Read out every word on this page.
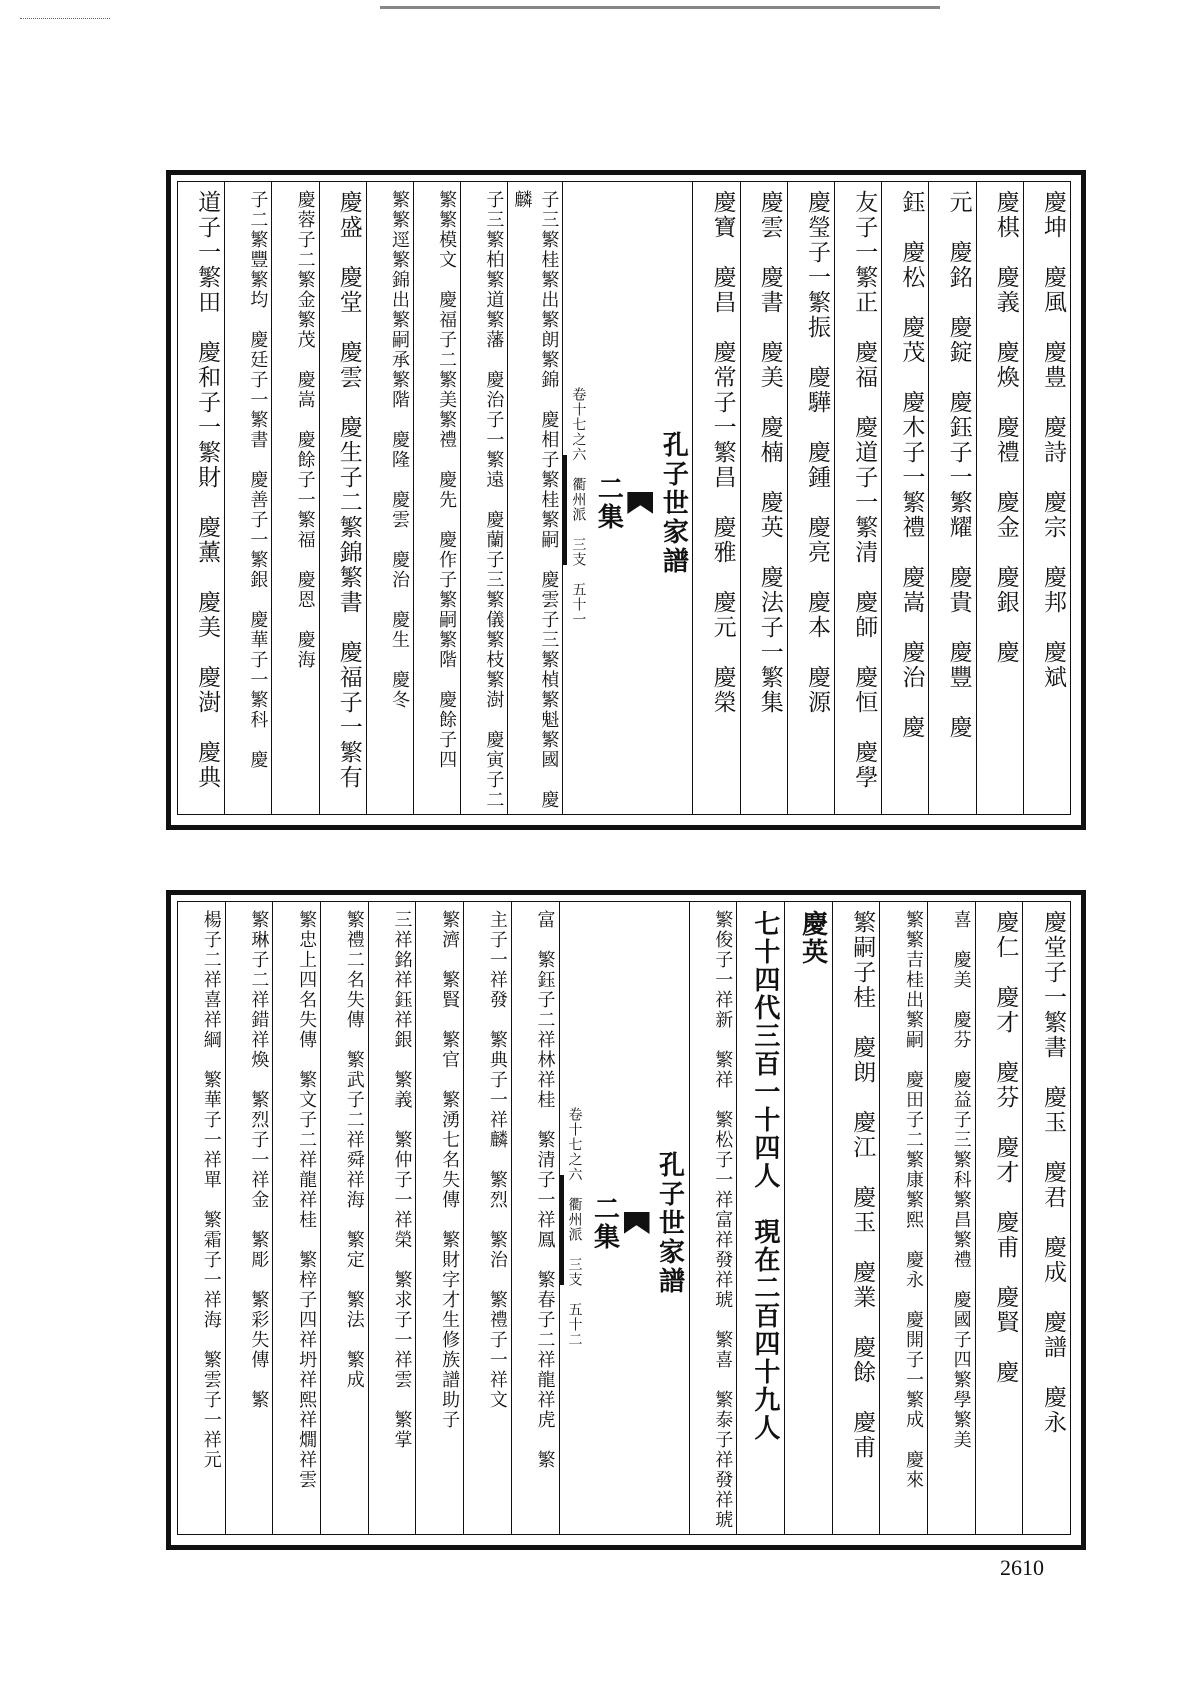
慶坤　慶風　慶豊　慶詩　慶宗　慶邦　慶斌
慶棋　慶義　慶煥　慶禮　慶金　慶銀　慶
元　慶銘　慶錠　慶鈺子一繁耀　慶貴　慶豐　慶
鈺　慶松　慶茂　慶木子一繁禮　慶嵩　慶治　慶
友子一繁正　慶福　慶道子一繁清　慶師　慶恒　慶學
慶瑩子一繁振　慶驊　慶鍾　慶亮　慶本　慶源
慶雲　慶書　慶美　慶楠　慶英　慶法子一繁集
慶寶　慶昌　慶常子一繁昌　慶雅　慶元　慶榮
孔子世家譜
二集
卷十七之六　衢州派　三支　五十一
子三繁桂繁出繁朗繁錦　慶相子繁桂繁嗣　慶雲子三繁楨繁魁繁國　慶麟
子三繁柏繁道繁藩　慶治子一繁遠　慶蘭子三繁儀繁枝繁澍　慶寅子二
繁繁模文　慶福子二繁美繁禮　慶先　慶作子繁嗣繁階　慶餘子四
繁繁逕繁錦出繁嗣承繁階　慶隆　慶雲　慶治　慶生　慶冬
慶盛　慶堂　慶雲　慶生子二繁錦繁書　慶福子一繁有
慶蓉子二繁金繁茂　慶嵩　慶餘子一繁福　慶恩　慶海
子二繁豐繁均　慶廷子一繁書　慶善子一繁銀　慶華子一繁科　慶
道子一繁田　慶和子一繁財　慶薰　慶美　慶澍　慶典
慶堂子一繁書　慶玉　慶君　慶成　慶譜　慶永
慶仁　慶才　慶芬　慶才　慶甫　慶賢　慶
喜　慶美　慶芬　慶益子三繁科繁昌繁禮　慶國子四繁學繁美
繁繁吉桂出繁嗣　慶田子二繁康繁熙　慶永　慶開子一繁成　慶來
繁嗣子桂　慶朗　慶江　慶玉　慶業　慶餘　慶甫
慶英
七十四代三百一十四人　現在二百四十九人
繁俊子一祥新　繁祥　繁松子一祥富祥發祥琥　繁喜　繁泰子祥發祥琥
孔子世家譜
二集
卷十七之六　衢州派　三支　五十二
富　繁鈺子二祥林祥桂　繁清子一祥鳳　繁春子二祥龍祥虎　繁
主子一祥發　繁典子一祥麟　繁烈　繁治　繁禮子一祥文
繁濟　繁賢　繁官　繁湧七名失傳　繁財字才生修族譜助子
三祥銘祥鈺祥銀　繁義　繁仲子一祥榮　繁求子一祥雲　繁掌
繁禮二名失傳　繁武子二祥舜祥海　繁定　繁法　繁成
繁忠上四名失傳　繁文子二祥龍祥桂　繁梓子四祥坍祥熙祥燗祥雲
繁琳子二祥錯祥煥　繁烈子一祥金　繁彫　繁彩失傳　繁
楊子二祥喜祥綱　繁華子一祥單　繁霜子一祥海　繁雲子一祥元
2610
